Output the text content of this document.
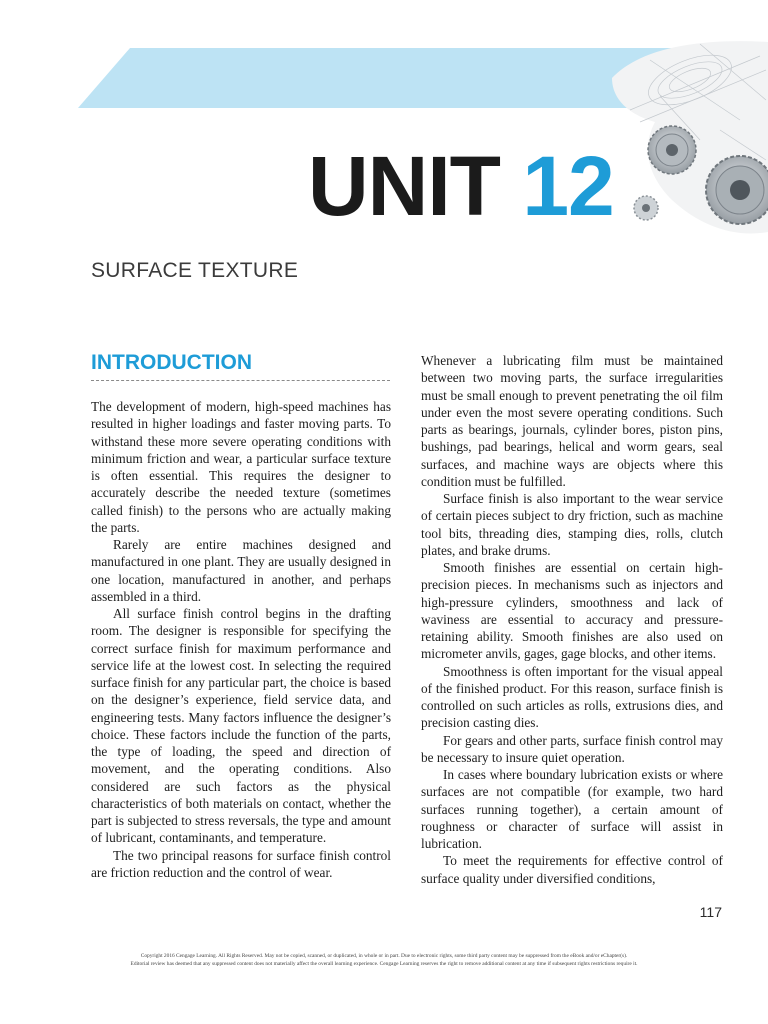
UNIT 12
SURFACE TEXTURE
INTRODUCTION

The development of modern, high-speed machines has resulted in higher loadings and faster moving parts. To withstand these more severe operating conditions with minimum friction and wear, a particular surface texture is often essential. This requires the designer to accurately describe the needed texture (sometimes called finish) to the persons who are actually making the parts.

Rarely are entire machines designed and manufactured in one plant. They are usually designed in one location, manufactured in another, and perhaps assembled in a third.

All surface finish control begins in the drafting room. The designer is responsible for specifying the correct surface finish for maximum performance and service life at the lowest cost. In selecting the required surface finish for any particular part, the choice is based on the designer’s experience, field service data, and engineering tests. Many factors influence the designer’s choice. These factors include the function of the parts, the type of loading, the speed and direction of movement, and the operating conditions. Also considered are such factors as the physical characteristics of both materials on contact, whether the part is subjected to stress reversals, the type and amount of lubricant, contaminants, and temperature.

The two principal reasons for surface finish control are friction reduction and the control of wear.

Whenever a lubricating film must be maintained between two moving parts, the surface irregularities must be small enough to prevent penetrating the oil film under even the most severe operating conditions. Such parts as bearings, journals, cylinder bores, piston pins, bushings, pad bearings, helical and worm gears, seal surfaces, and machine ways are objects where this condition must be fulfilled.

Surface finish is also important to the wear service of certain pieces subject to dry friction, such as machine tool bits, threading dies, stamping dies, rolls, clutch plates, and brake drums.

Smooth finishes are essential on certain high-precision pieces. In mechanisms such as injectors and high-pressure cylinders, smoothness and lack of waviness are essential to accuracy and pressure-retaining ability. Smooth finishes are also used on micrometer anvils, gages, gage blocks, and other items.

Smoothness is often important for the visual appeal of the finished product. For this reason, surface finish is controlled on such articles as rolls, extrusions dies, and precision casting dies.

For gears and other parts, surface finish control may be necessary to insure quiet operation.

In cases where boundary lubrication exists or where surfaces are not compatible (for example, two hard surfaces running together), a certain amount of roughness or character of surface will assist in lubrication.

To meet the requirements for effective control of surface quality under diversified conditions,

117
Copyright 2016 Cengage Learning. All Rights Reserved. May not be copied, scanned, or duplicated, in whole or in part. Due to electronic rights, some third party content may be suppressed from the eBook and/or eChapter(s).
Editorial review has deemed that any suppressed content does not materially affect the overall learning experience. Cengage Learning reserves the right to remove additional content at any time if subsequent rights restrictions require it.
